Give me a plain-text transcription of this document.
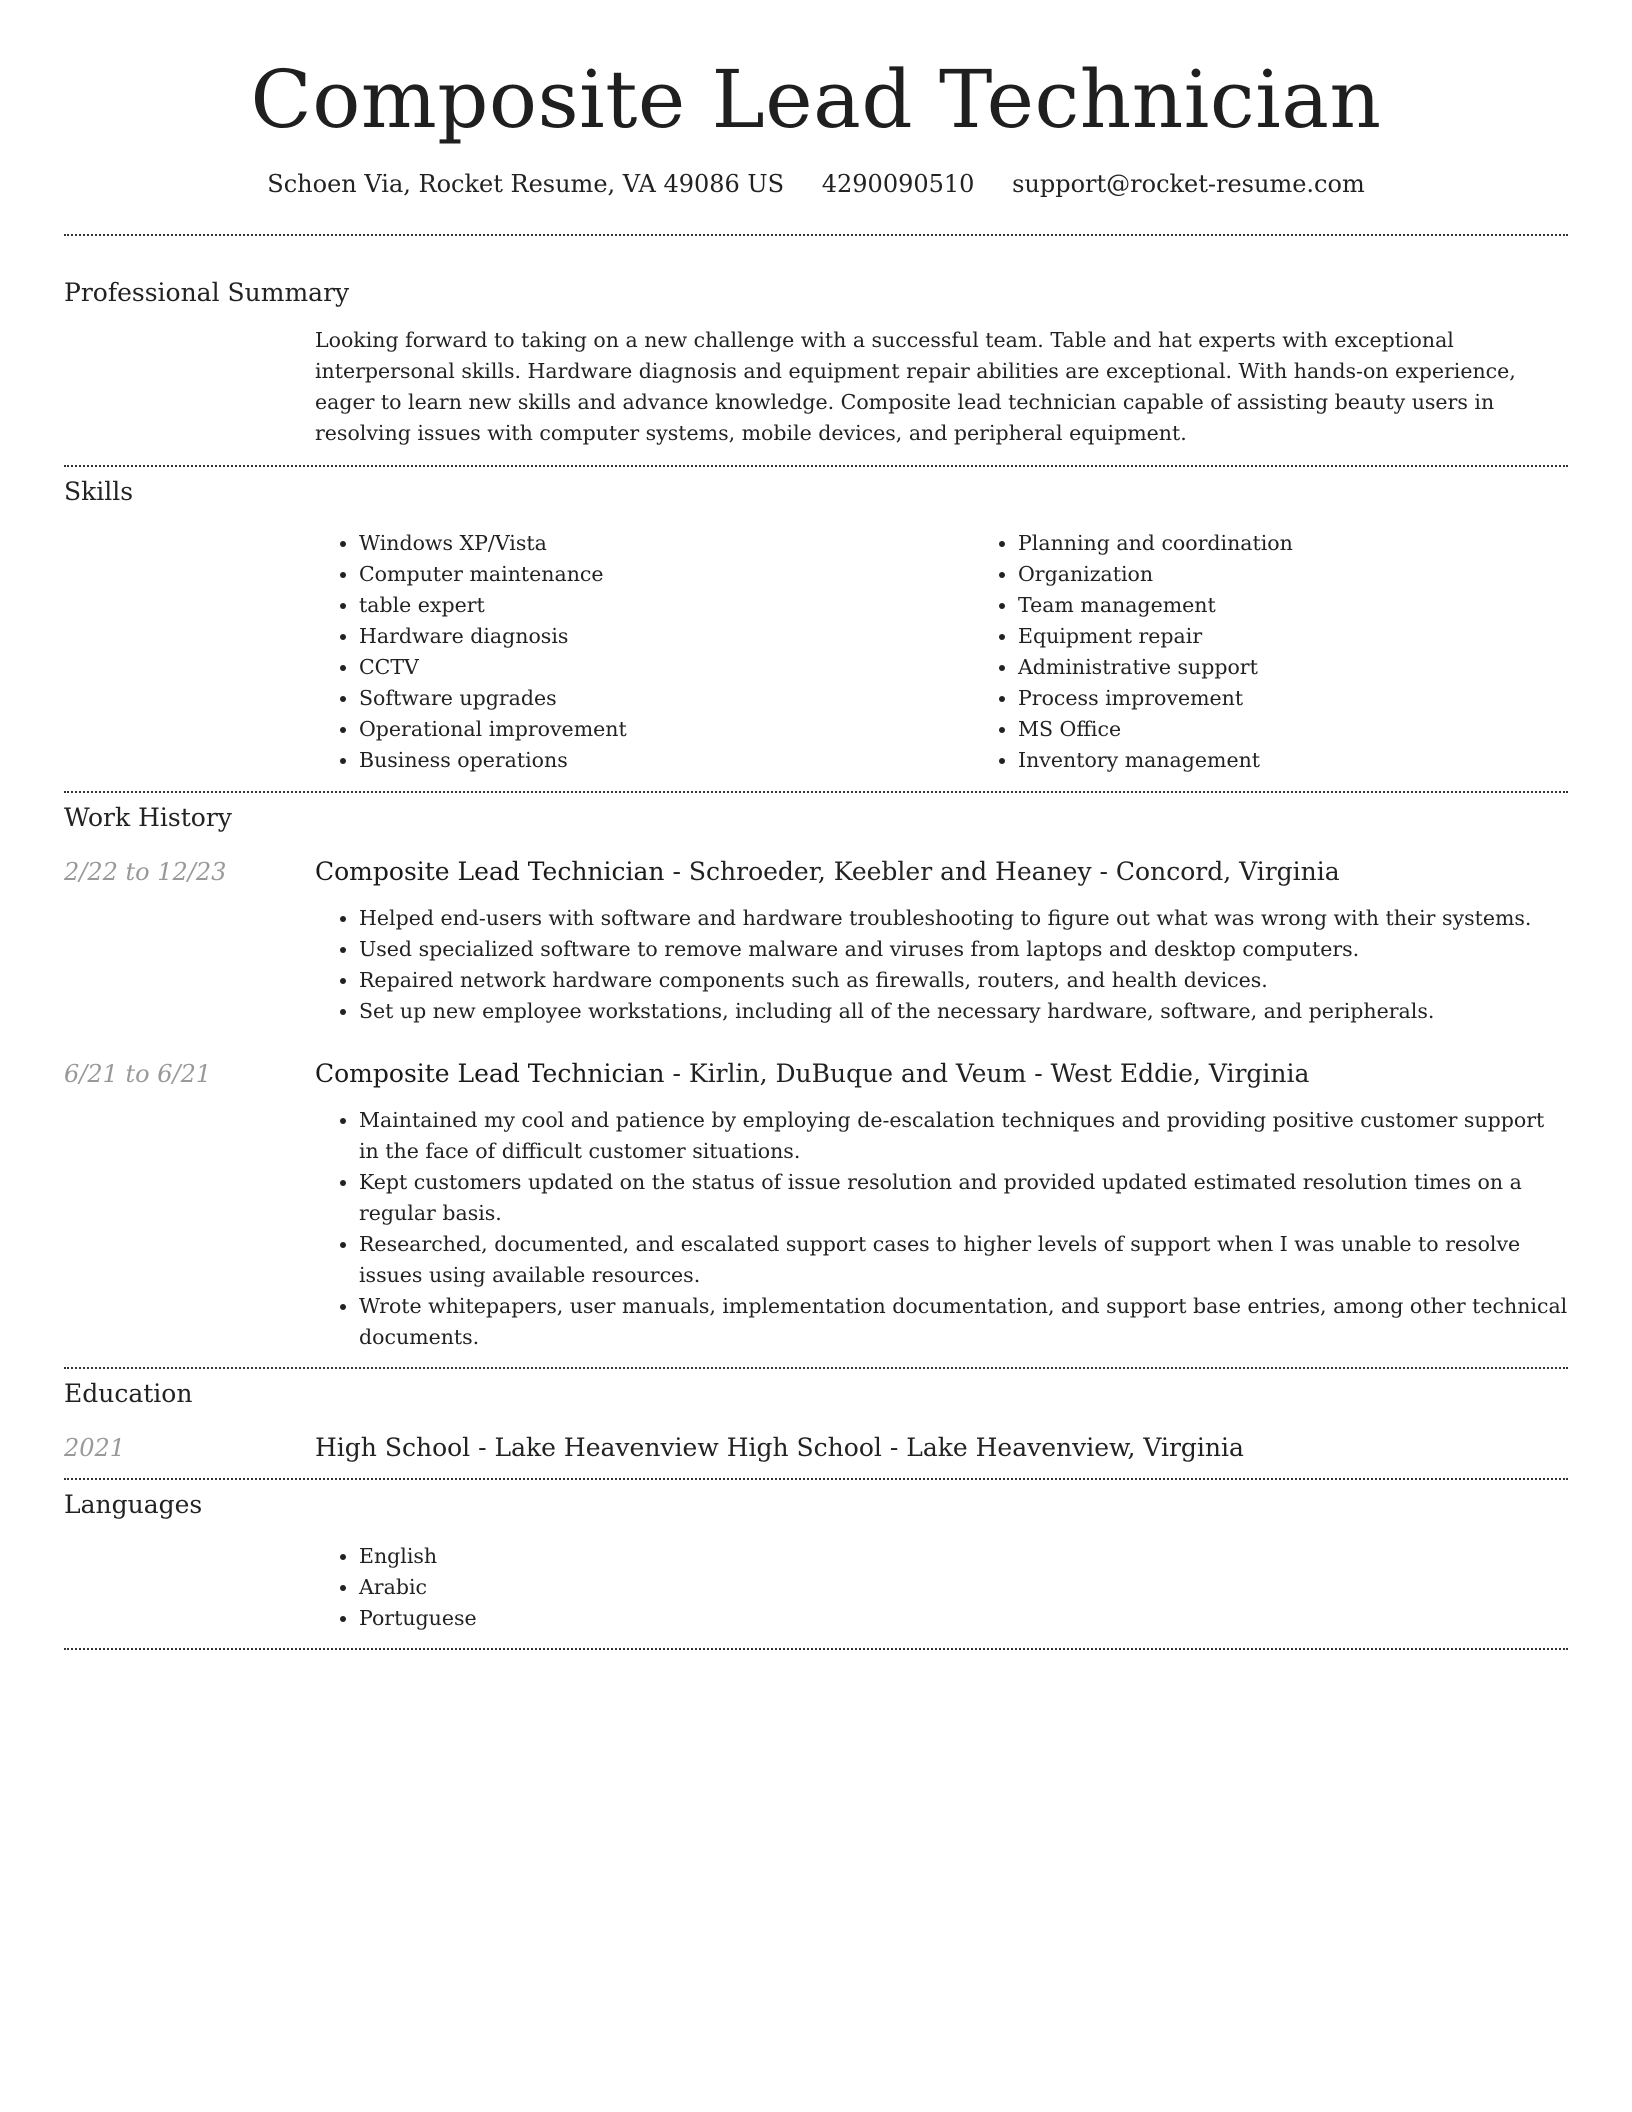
Composite Lead Technician
Schoen Via, Rocket Resume, VA 49086 US 4290090510 support@rocket-resume.com
Professional Summary

Looking forward to taking on a new challenge with a successful team. Table and hat experts with exceptional interpersonal skills. Hardware diagnosis and equipment repair abilities are exceptional. With hands-on experience, eager to learn new skills and advance knowledge. Composite lead technician capable of assisting beauty users in resolving issues with computer systems, mobile devices, and peripheral equipment.

Skills
• Windows XP/Vista
• Computer maintenance
• table expert
• Hardware diagnosis
• CCTV
• Software upgrades
• Operational improvement
• Business operations
• Planning and coordination
• Organization
• Team management
• Equipment repair
• Administrative support
• Process improvement
• MS Office
• Inventory management
Work History
2/22 to 12/23	Composite Lead Technician - Schroeder, Keebler and Heaney - Concord, Virginia

• Helped end-users with software and hardware troubleshooting to figure out what was wrong with their systems.
• Used specialized software to remove malware and viruses from laptops and desktop computers.
• Repaired network hardware components such as firewalls, routers, and health devices.
• Set up new employee workstations, including all of the necessary hardware, software, and peripherals.
6/21 to 6/21	Composite Lead Technician - Kirlin, DuBuque and Veum - West Eddie, Virginia

• Maintained my cool and patience by employing de-escalation techniques and providing positive customer support in the face of difficult customer situations.
• Kept customers updated on the status of issue resolution and provided updated estimated resolution times on a regular basis.
• Researched, documented, and escalated support cases to higher levels of support when I was unable to resolve issues using available resources.
• Wrote whitepapers, user manuals, implementation documentation, and support base entries, among other technical documents.
Education
2021	High School - Lake Heavenview High School - Lake Heavenview, Virginia

Languages
• English
• Arabic
• Portuguese
